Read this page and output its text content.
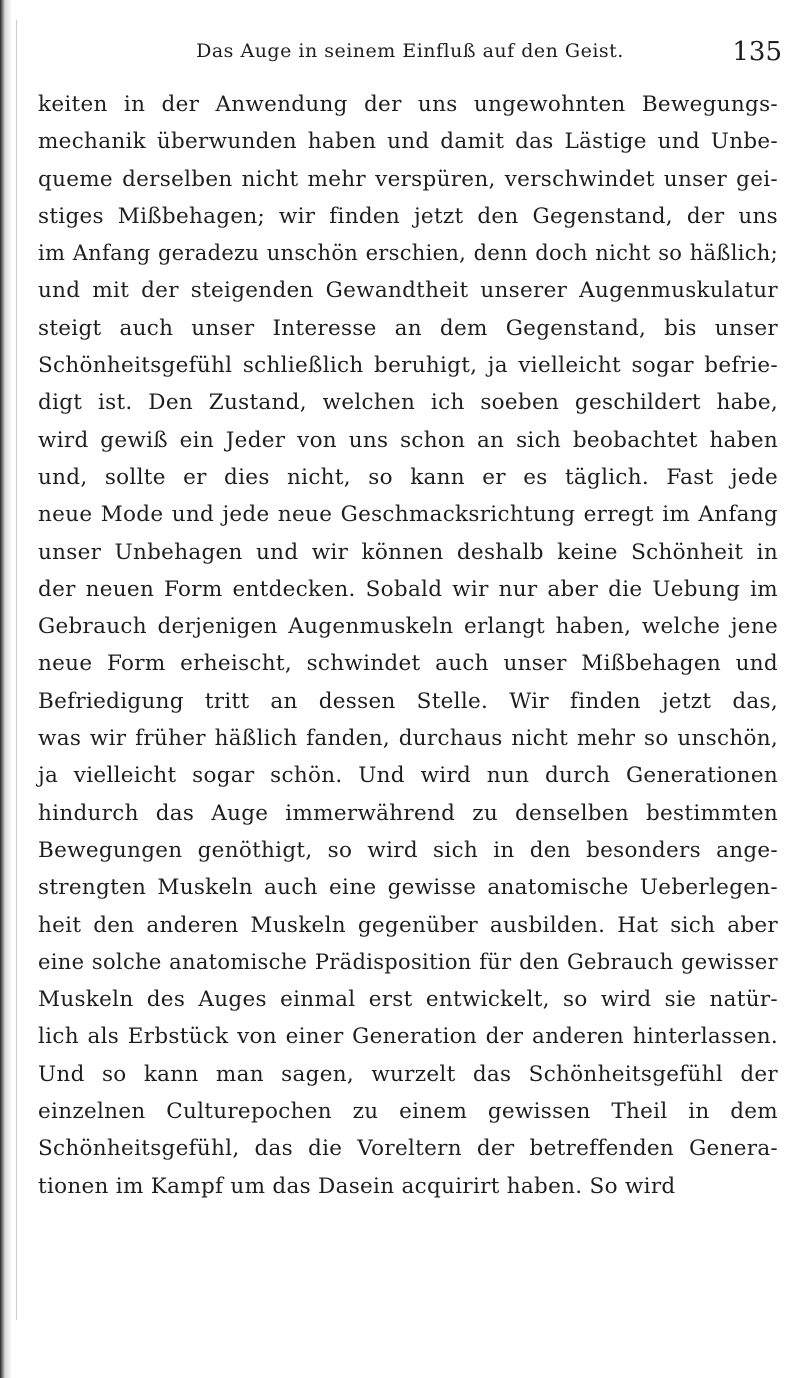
Das Auge in seinem Einfluß auf den Geist.	135
keiten in der Anwendung der uns ungewohnten Bewegungs-
mechanik überwunden haben und damit das Lästige und Unbe-
queme derselben nicht mehr verspüren, verschwindet unser gei-
stiges Mißbehagen; wir finden jetzt den Gegenstand, der uns
im Anfang geradezu unschön erschien, denn doch nicht so häßlich;
und mit der steigenden Gewandtheit unserer Augenmuskulatur
steigt auch unser Interesse an dem Gegenstand, bis unser
Schönheitsgefühl schließlich beruhigt, ja vielleicht sogar befrie-
digt ist. Den Zustand, welchen ich soeben geschildert habe,
wird gewiß ein Jeder von uns schon an sich beobachtet haben
und, sollte er dies nicht, so kann er es täglich. Fast jede
neue Mode und jede neue Geschmacksrichtung erregt im Anfang
unser Unbehagen und wir können deshalb keine Schönheit in
der neuen Form entdecken. Sobald wir nur aber die Uebung im
Gebrauch derjenigen Augenmuskeln erlangt haben, welche jene
neue Form erheischt, schwindet auch unser Mißbehagen und
Befriedigung tritt an dessen Stelle. Wir finden jetzt das,
was wir früher häßlich fanden, durchaus nicht mehr so unschön,
ja vielleicht sogar schön. Und wird nun durch Generationen
hindurch das Auge immerwährend zu denselben bestimmten
Bewegungen genöthigt, so wird sich in den besonders ange-
strengten Muskeln auch eine gewisse anatomische Ueberlegen-
heit den anderen Muskeln gegenüber ausbilden. Hat sich aber
eine solche anatomische Prädisposition für den Gebrauch gewisser
Muskeln des Auges einmal erst entwickelt, so wird sie natür-
lich als Erbstück von einer Generation der anderen hinterlassen.
Und so kann man sagen, wurzelt das Schönheitsgefühl der
einzelnen Culturepochen zu einem gewissen Theil in dem
Schönheitsgefühl, das die Voreltern der betreffenden Genera-
tionen im Kampf um das Dasein acquirirt haben. So wird
